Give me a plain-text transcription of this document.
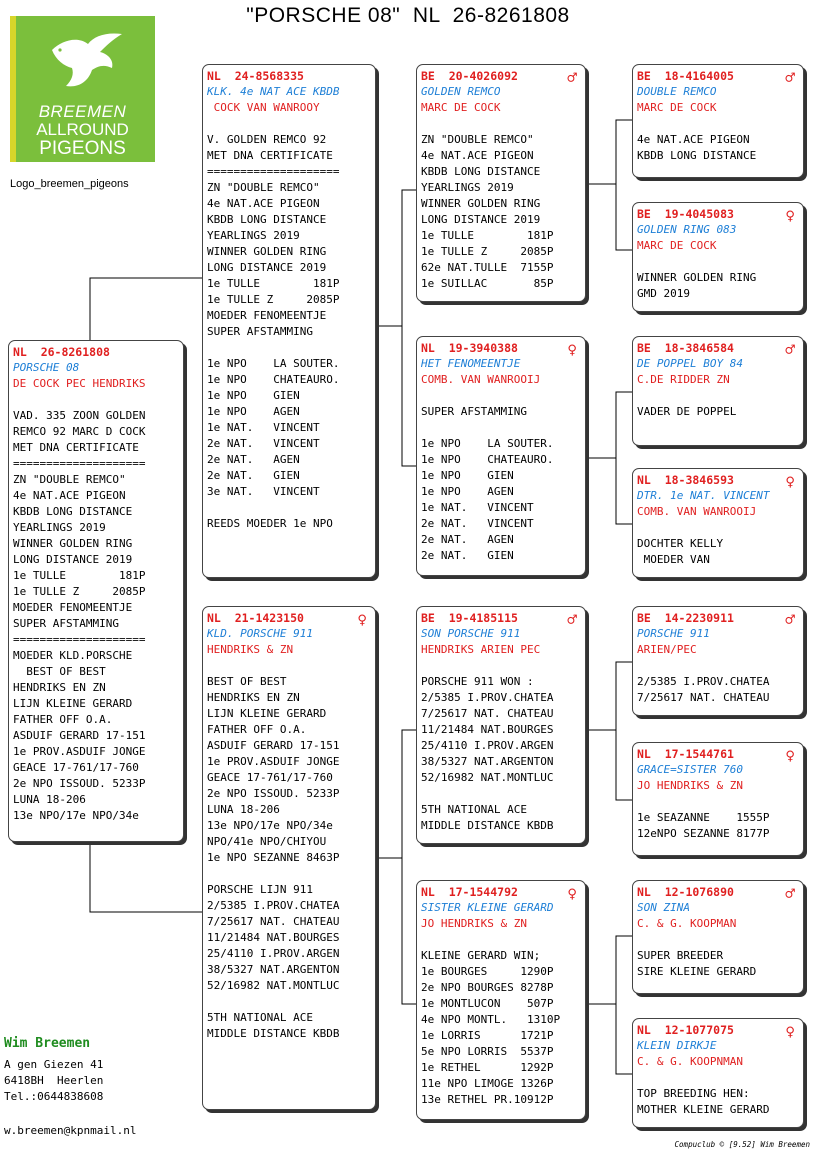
"PORSCHE 08"  NL  26-8261808
BREEMEN
ALLROUND
PIGEONS
Logo_breemen_pigeons
NL  26-8261808
PORSCHE 08
DE COCK PEC HENDRIKS
VAD. 335 ZOON GOLDEN
REMCO 92 MARC D COCK
MET DNA CERTIFICATE
====================
ZN "DOUBLE REMCO"
4e NAT.ACE PIGEON
KBDB LONG DISTANCE
YEARLINGS 2019
WINNER GOLDEN RING
LONG DISTANCE 2019
1e TULLE        181P
1e TULLE Z     2085P
MOEDER FENOMEENTJE
SUPER AFSTAMMING
====================
MOEDER KLD.PORSCHE
BEST OF BEST
HENDRIKS EN ZN
LIJN KLEINE GERARD
FATHER OFF O.A.
ASDUIF GERARD 17-151
1e PROV.ASDUIF JONGE
GEACE 17-761/17-760
2e NPO ISSOUD. 5233P
LUNA 18-206
13e NPO/17e NPO/34e
NL  24-8568335
KLK. 4e NAT ACE KBDB
COCK VAN WANROOY
V. GOLDEN REMCO 92
MET DNA CERTIFICATE
====================
ZN "DOUBLE REMCO"
4e NAT.ACE PIGEON
KBDB LONG DISTANCE
YEARLINGS 2019
WINNER GOLDEN RING
LONG DISTANCE 2019
1e TULLE        181P
1e TULLE Z     2085P
MOEDER FENOMEENTJE
SUPER AFSTAMMING
1e NPO    LA SOUTER.
1e NPO    CHATEAURO.
1e NPO    GIEN
1e NPO    AGEN
1e NAT.   VINCENT
2e NAT.   VINCENT
2e NAT.   AGEN
2e NAT.   GIEN
3e NAT.   VINCENT
REEDS MOEDER 1e NPO
NL  21-1423150	♀
KLD. PORSCHE 911
HENDRIKS & ZN
BEST OF BEST
HENDRIKS EN ZN
LIJN KLEINE GERARD
FATHER OFF O.A.
ASDUIF GERARD 17-151
1e PROV.ASDUIF JONGE
GEACE 17-761/17-760
2e NPO ISSOUD. 5233P
LUNA 18-206
13e NPO/17e NPO/34e
NPO/41e NPO/CHIYOU
1e NPO SEZANNE 8463P
PORSCHE LIJN 911
2/5385 I.PROV.CHATEA
7/25617 NAT. CHATEAU
11/21484 NAT.BOURGES
25/4110 I.PROV.ARGEN
38/5327 NAT.ARGENTON
52/16982 NAT.MONTLUC
5TH NATIONAL ACE
MIDDLE DISTANCE KBDB
BE  20-4026092	♂
GOLDEN REMCO
MARC DE COCK
ZN "DOUBLE REMCO"
4e NAT.ACE PIGEON
KBDB LONG DISTANCE
YEARLINGS 2019
WINNER GOLDEN RING
LONG DISTANCE 2019
1e TULLE        181P
1e TULLE Z     2085P
62e NAT.TULLE  7155P
1e SUILLAC       85P
NL  19-3940388	♀
HET FENOMEENTJE
COMB. VAN WANROOIJ
SUPER AFSTAMMING
1e NPO    LA SOUTER.
1e NPO    CHATEAURO.
1e NPO    GIEN
1e NPO    AGEN
1e NAT.   VINCENT
2e NAT.   VINCENT
2e NAT.   AGEN
2e NAT.   GIEN
BE  19-4185115	♂
SON PORSCHE 911
HENDRIKS ARIEN PEC
PORSCHE 911 WON :
2/5385 I.PROV.CHATEA
7/25617 NAT. CHATEAU
11/21484 NAT.BOURGES
25/4110 I.PROV.ARGEN
38/5327 NAT.ARGENTON
52/16982 NAT.MONTLUC
5TH NATIONAL ACE
MIDDLE DISTANCE KBDB
NL  17-1544792	♀
SISTER KLEINE GERARD
JO HENDRIKS & ZN
KLEINE GERARD WIN;
1e BOURGES     1290P
2e NPO BOURGES 8278P
1e MONTLUCON    507P
4e NPO MONTL.   1310P
1e LORRIS      1721P
5e NPO LORRIS  5537P
1e RETHEL      1292P
11e NPO LIMOGE 1326P
13e RETHEL PR.10912P
BE  18-4164005	♂
DOUBLE REMCO
MARC DE COCK
4e NAT.ACE PIGEON
KBDB LONG DISTANCE
BE  19-4045083	♀
GOLDEN RING 083
MARC DE COCK
WINNER GOLDEN RING
GMD 2019
BE  18-3846584	♂
DE POPPEL BOY 84
C.DE RIDDER ZN
VADER DE POPPEL
NL  18-3846593	♀
DTR. 1e NAT. VINCENT
COMB. VAN WANROOIJ
DOCHTER KELLY
MOEDER VAN
BE  14-2230911	♂
PORSCHE 911
ARIEN/PEC
2/5385 I.PROV.CHATEA
7/25617 NAT. CHATEAU
NL  17-1544761	♀
GRACE=SISTER 760
JO HENDRIKS & ZN
1e SEAZANNE    1555P
12eNPO SEZANNE 8177P
NL  12-1076890	♂
SON ZINA
C. & G. KOOPMAN
SUPER BREEDER
SIRE KLEINE GERARD
NL  12-1077075	♀
KLEIN DIRKJE
C. & G. KOOPNMAN
TOP BREEDING HEN:
MOTHER KLEINE GERARD
Wim Breemen
A gen Giezen 41
6418BH  Heerlen
Tel.:0644838608
w.breemen@kpnmail.nl
Compuclub © [9.52] Wim Breemen
